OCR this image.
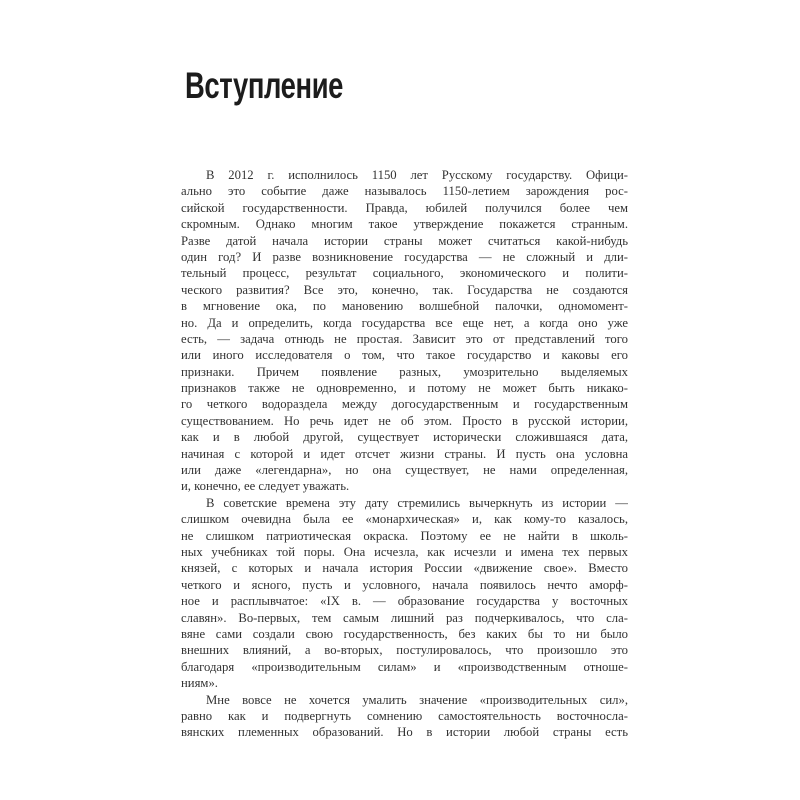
Вступление
В 2012 г. исполнилось 1150 лет Русскому государству. Офици-
ально это событие даже называлось 1150-летием зарождения рос-
сийской государственности. Правда, юбилей получился более чем
скромным. Однако многим такое утверждение покажется странным.
Разве датой начала истории страны может считаться какой-нибудь
один год? И разве возникновение государства — не сложный и дли-
тельный процесс, результат социального, экономического и полити-
ческого развития? Все это, конечно, так. Государства не создаются
в мгновение ока, по мановению волшебной палочки, одномомент-
но. Да и определить, когда государства все еще нет, а когда оно уже
есть, — задача отнюдь не простая. Зависит это от представлений того
или иного исследователя о том, что такое государство и каковы его
признаки. Причем появление разных, умозрительно выделяемых
признаков также не одновременно, и потому не может быть никако-
го четкого водораздела между догосударственным и государственным
существованием. Но речь идет не об этом. Просто в русской истории,
как и в любой другой, существует исторически сложившаяся дата,
начиная с которой и идет отсчет жизни страны. И пусть она условна
или даже «легендарна», но она существует, не нами определенная,
и, конечно, ее следует уважать.
В советские времена эту дату стремились вычеркнуть из истории —
слишком очевидна была ее «монархическая» и, как кому-то казалось,
не слишком патриотическая окраска. Поэтому ее не найти в школь-
ных учебниках той поры. Она исчезла, как исчезли и имена тех первых
князей, с которых и начала история России «движение свое». Вместо
четкого и ясного, пусть и условного, начала появилось нечто аморф-
ное и расплывчатое: «IX в. — образование государства у восточных
славян». Во-первых, тем самым лишний раз подчеркивалось, что сла-
вяне сами создали свою государственность, без каких бы то ни было
внешних влияний, а во-вторых, постулировалось, что произошло это
благодаря «производительным силам» и «производственным отноше-
ниям».
Мне вовсе не хочется умалить значение «производительных сил»,
равно как и подвергнуть сомнению самостоятельность восточносла-
вянских племенных образований. Но в истории любой страны есть
